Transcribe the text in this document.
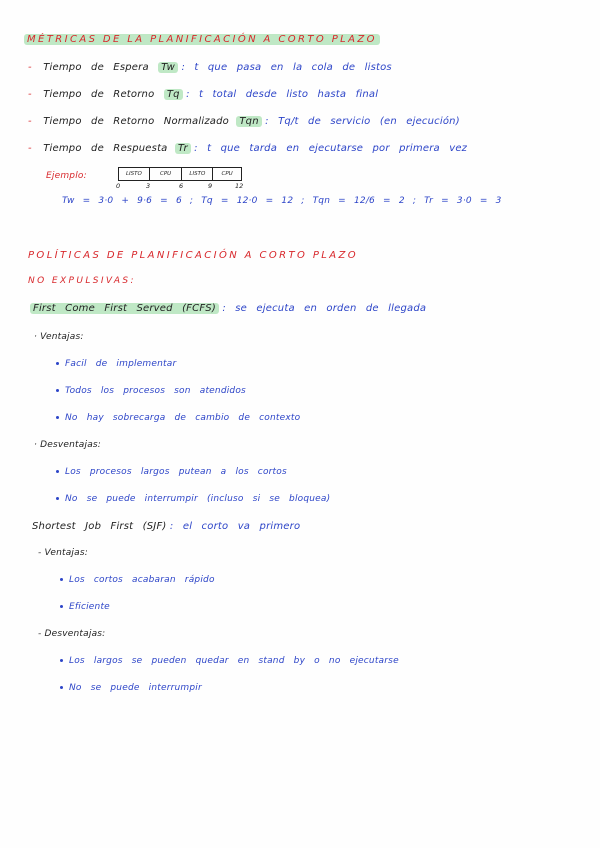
MÉTRICAS DE LA PLANIFICACIÓN A CORTO PLAZO
- Tiempo de Espera Tw : t que pasa en la cola de listos
- Tiempo de Retorno Tq : t total desde listo hasta final
- Tiempo de Retorno Normalizado Tqn : Tq/t de servicio (en ejecución)
- Tiempo de Respuesta Tr : t que tarda en ejecutarse por primera vez
Ejemplo:	LISTO	CPU	LISTO	CPU
0	3	6	9	12
Tw = 3·0 + 9·6 = 6 ; Tq = 12·0 = 12 ; Tqn = 12/6 = 2 ; Tr = 3·0 = 3
POLÍTICAS DE PLANIFICACIÓN A CORTO PLAZO
NO EXPULSIVAS:
First Come First Served (FCFS) : se ejecuta en orden de llegada
· Ventajas:
Facil de implementar
Todos los procesos son atendidos
No hay sobrecarga de cambio de contexto
· Desventajas:
Los procesos largos putean a los cortos
No se puede interrumpir (incluso si se bloquea)
Shortest Job First (SJF) : el corto va primero
- Ventajas:
Los cortos acabaran rápido
Eficiente
- Desventajas:
Los largos se pueden quedar en stand by o no ejecutarse
No se puede interrumpir
